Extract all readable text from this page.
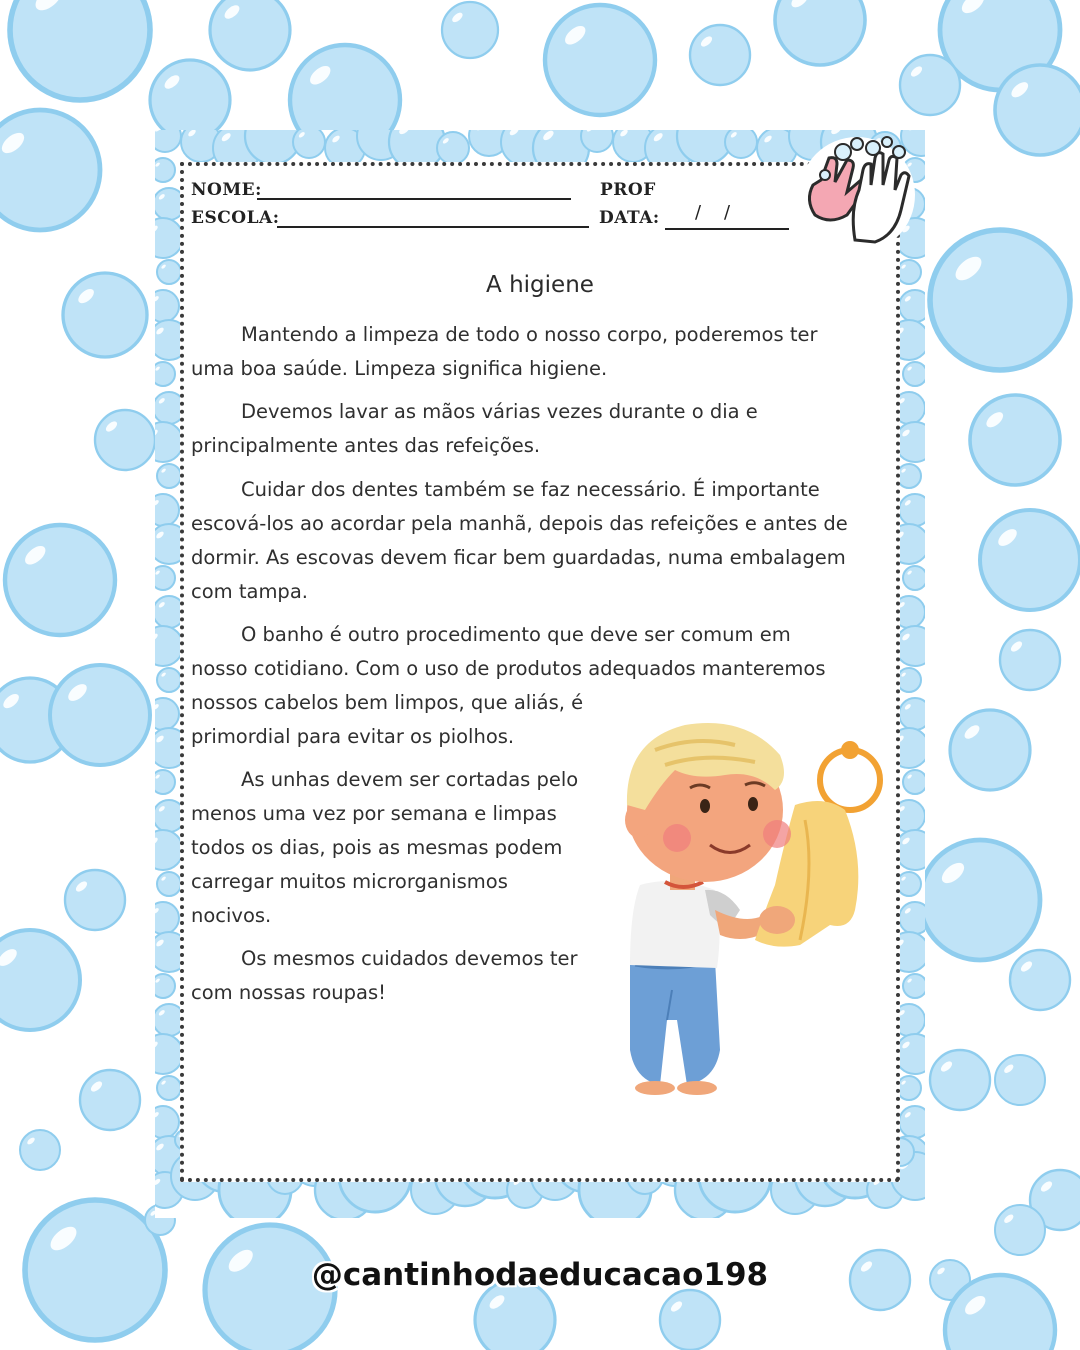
NOME:
ESCOLA:
PROF
DATA: /    /
A higiene
Mantendo a limpeza de todo o nosso corpo, poderemos ter
uma boa saúde. Limpeza significa higiene.
Devemos lavar as mãos várias vezes durante o dia e
principalmente antes das refeições.
Cuidar dos dentes também se faz necessário. É importante
escová-los ao acordar pela manhã, depois das refeições e antes de
dormir. As escovas devem ficar bem guardadas, numa embalagem
com tampa.
O banho é outro procedimento que deve ser comum em
nosso cotidiano. Com o uso de produtos adequados manteremos
nossos cabelos bem limpos, que aliás, é
primordial para evitar os piolhos.
As unhas devem ser cortadas pelo
menos uma vez por semana e limpas
todos os dias, pois as mesmas podem
carregar muitos microrganismos
nocivos.
Os mesmos cuidados devemos ter
com nossas roupas!
@cantinhodaeducacao198
